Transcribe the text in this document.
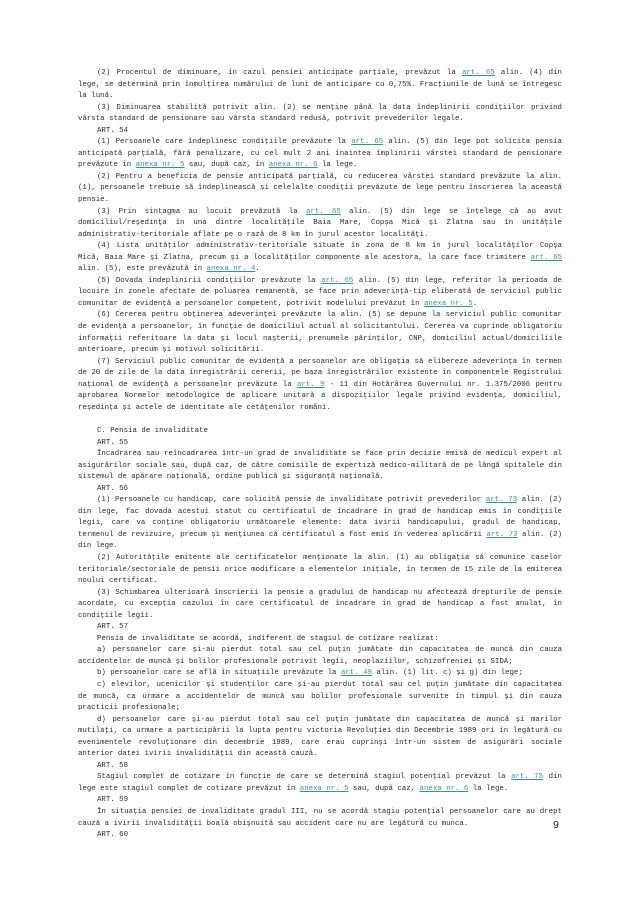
(2) Procentul de diminuare, în cazul pensiei anticipate parțiale, prevăzut la art. 65 alin. (4) din lege, se determină prin înmulțirea numărului de luni de anticipare cu 0,75%. Fracțiunile de lună se întregesc la lună.

(3) Diminuarea stabilită potrivit alin. (2) se menține până la data îndeplinirii condițiilor privind vârsta standard de pensionare sau vârsta standard redusă, potrivit prevederilor legale.

ART. 54

(1) Persoanele care îndeplinesc condițiile prevăzute la art. 65 alin. (5) din lege pot solicita pensia anticipată parțială, fără penalizare, cu cel mult 2 ani înaintea împlinirii vârstei standard de pensionare prevăzute în anexa nr. 5 sau, după caz, în anexa nr. 6 la lege.

(2) Pentru a beneficia de pensie anticipată parțială, cu reducerea vârstei standard prevăzute la alin. (1), persoanele trebuie să îndeplinească și celelalte condiții prevăzute de lege pentru înscrierea la această pensie.

(3) Prin sintagma au locuit prevăzută la art. 65 alin. (5) din lege se înțelege că au avut domiciliul/reședința în una dintre localitățile Baia Mare, Copșa Mică și Zlatna sau în unitățile administrativ-teritoriale aflate pe o rază de 8 km în jurul acestor localități.

(4) Lista unităților administrativ-teritoriale situate în zona de 8 km în jurul localităților Copșa Mică, Baia Mare și Zlatna, precum și a localităților componente ale acestora, la care face trimitere art. 65 alin. (5), este prevăzută în anexa nr. 4.

(5) Dovada îndeplinirii condițiilor prevăzute la art. 65 alin. (5) din lege, referitor la perioada de locuire în zonele afectate de poluarea remanentă, se face prin adeverință-tip eliberată de serviciul public comunitar de evidență a persoanelor competent, potrivit modelului prevăzut în anexa nr. 5.

(6) Cererea pentru obținerea adeverinței prevăzute la alin. (5) se depune la serviciul public comunitar de evidență a persoanelor, în funcție de domiciliul actual al solicitantului. Cererea va cuprinde obligatoriu informații referitoare la data și locul nașterii, prenumele părinților, CNP, domiciliul actual/domiciliile anterioare, precum și motivul solicitării.

(7) Serviciul public comunitar de evidență a persoanelor are obligația să elibereze adeverința în termen de 20 de zile de la data înregistrării cererii, pe baza înregistrărilor existente în componentele Registrului național de evidență a persoanelor prevăzute la art. 9 - 11 din Hotărârea Guvernului nr. 1.375/2006 pentru aprobarea Normelor metodologice de aplicare unitară a dispozițiilor legale privind evidența, domiciliul, reședința și actele de identitate ale cetățenilor români.

C. Pensia de invaliditate

ART. 55

Încadrarea sau reîncadrarea într-un grad de invaliditate se face prin decizie emisă de medicul expert al asigurărilor sociale sau, după caz, de către comisiile de expertiză medico-militară de pe lângă spitalele din sistemul de apărare națională, ordine publică și siguranță națională.

ART. 56

(1) Persoanele cu handicap, care solicită pensie de invaliditate potrivit prevederilor art. 73 alin. (2) din lege, fac dovada acestui statut cu certificatul de încadrare în grad de handicap emis în condițiile legii, care va conține obligatoriu următoarele elemente: data ivirii handicapului, gradul de handicap, termenul de revizuire, precum și mențiunea că certificatul a fost emis în vederea aplicării art. 73 alin. (2) din lege.

(2) Autoritățile emitente ale certificatelor menționate la alin. (1) au obligația să comunice caselor teritoriale/sectoriale de pensii orice modificare a elementelor inițiale, în termen de 15 zile de la emiterea noului certificat.

(3) Schimbarea ulterioară înscrierii la pensie a gradului de handicap nu afectează drepturile de pensie acordate, cu excepția cazului în care certificatul de încadrare în grad de handicap a fost anulat, în condițiile legii.

ART. 57

Pensia de invaliditate se acordă, indiferent de stagiul de cotizare realizat:

a) persoanelor care și-au pierdut total sau cel puțin jumătate din capacitatea de muncă din cauza accidentelor de muncă și bolilor profesionale potrivit legii, neoplaziilor, schizofreniei și SIDA;

b) persoanelor care se află în situațiile prevăzute la art. 49 alin. (1) lit. c) și g) din lege;

c) elevilor, ucenicilor și studenților care și-au pierdut total sau cel puțin jumătate din capacitatea de muncă, ca urmare a accidentelor de muncă sau bolilor profesionale survenite în timpul și din cauza practicii profesionale;

d) persoanelor care și-au pierdut total sau cel puțin jumătate din capacitatea de muncă și marilor mutilați, ca urmare a participării la lupta pentru victoria Revoluției din Decembrie 1989 ori în legătură cu evenimentele revoluționare din decembrie 1989, care erau cuprinși într-un sistem de asigurări sociale anterior datei ivirii invalidității din această cauză.

ART. 58

Stagiul complet de cotizare în funcție de care se determină stagiul potențial prevăzut la art. 75 din lege este stagiul complet de cotizare prevăzut în anexa nr. 5 sau, după caz, anexa nr. 6 la lege.

ART. 59

În situația pensiei de invaliditate gradul III, nu se acordă stagiu potențial persoanelor care au drept cauză a ivirii invalidității boală obișnuită sau accident care nu are legătură cu munca.

ART. 60

9
